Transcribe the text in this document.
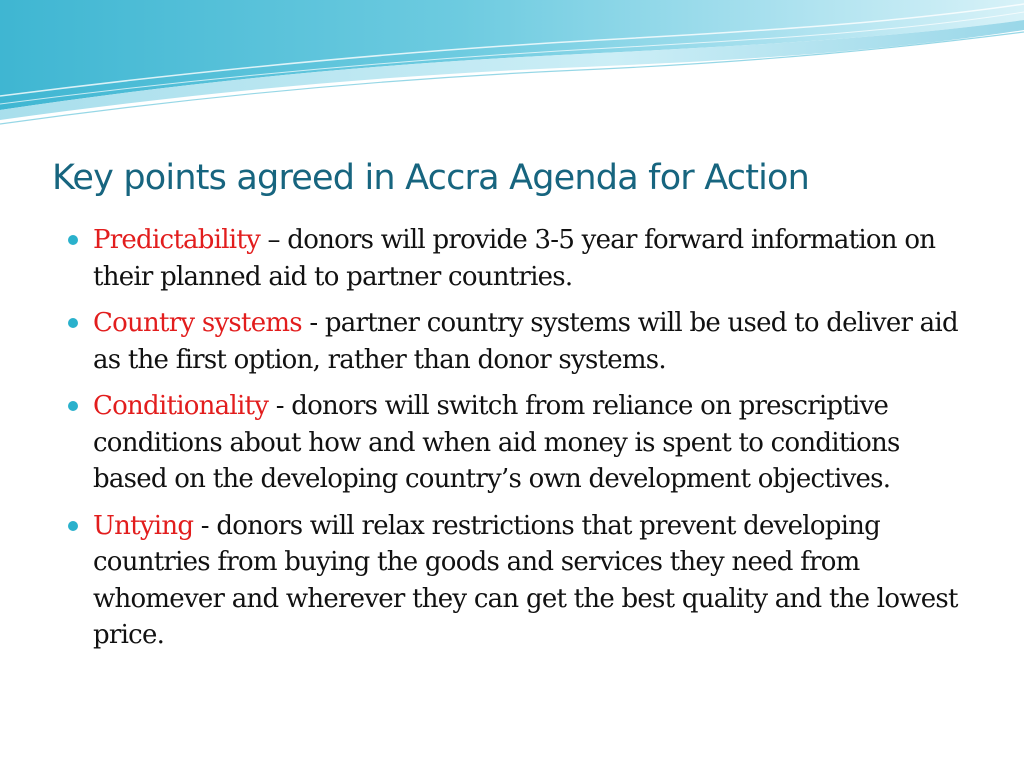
Key points agreed in Accra Agenda for Action
Predictability – donors will provide 3-5 year forward information on their planned aid to partner countries.
Country systems - partner country systems will be used to deliver aid as the first option, rather than donor systems.
Conditionality - donors will switch from reliance on prescriptive conditions about how and when aid money is spent to conditions based on the developing country’s own development objectives.
Untying - donors will relax restrictions that prevent developing countries from buying the goods and services they need from whomever and wherever they can get the best quality and the lowest price.
